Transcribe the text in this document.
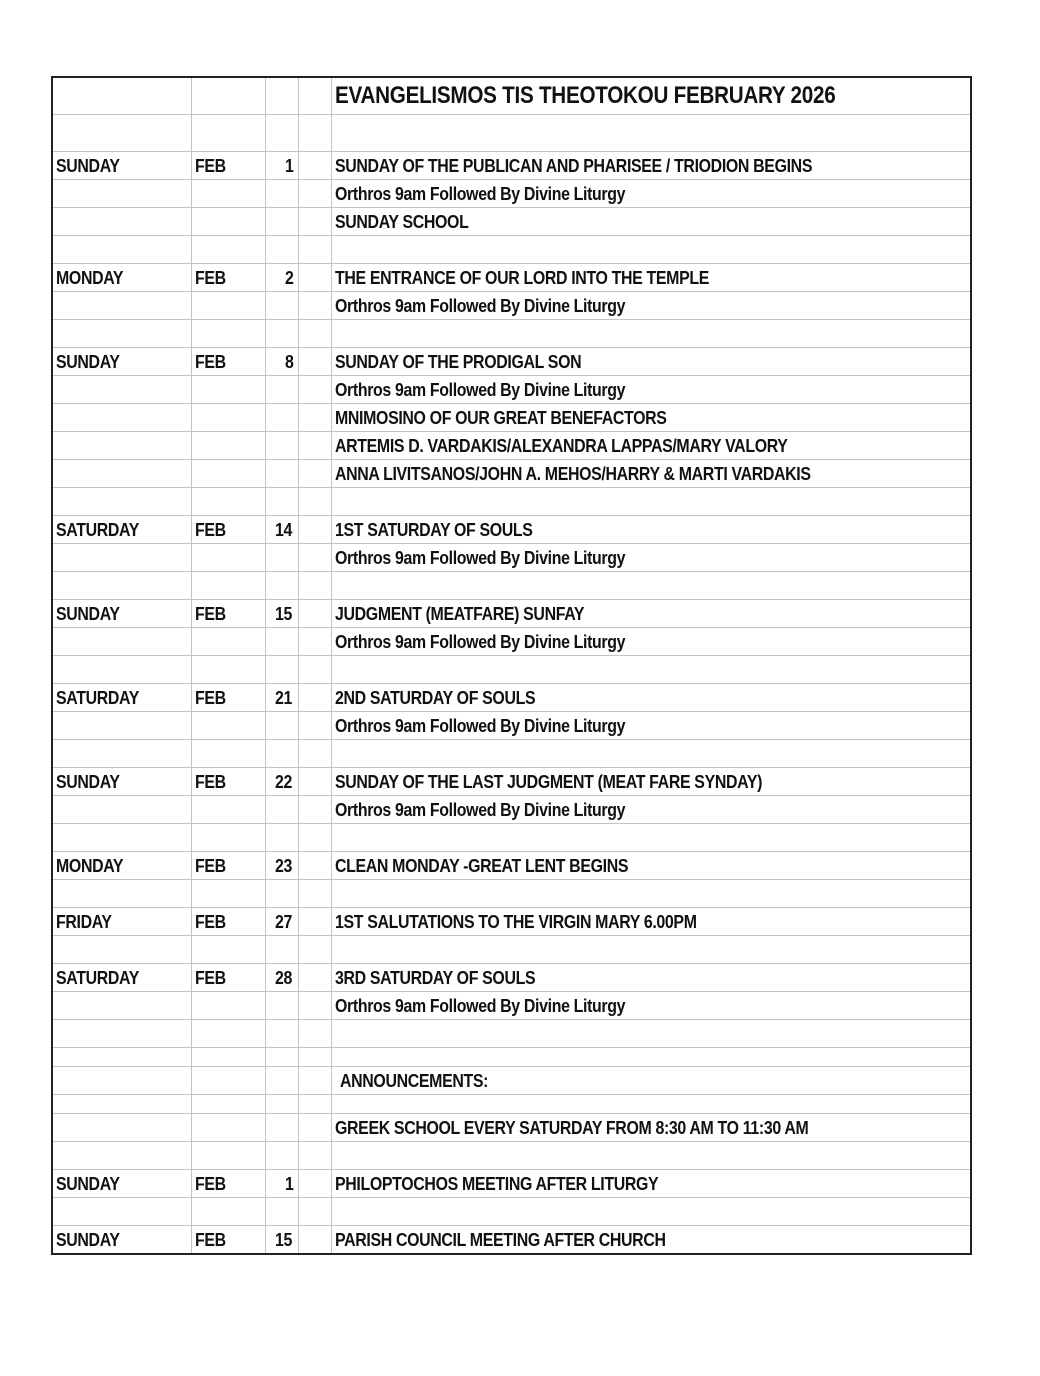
				EVANGELISMOS TIS THEOTOKOU FEBRUARY 2026

SUNDAY	FEB	1		SUNDAY OF THE PUBLICAN AND PHARISEE / TRIODION BEGINS
				Orthros 9am Followed By Divine Liturgy
				SUNDAY SCHOOL

MONDAY	FEB	2		THE ENTRANCE OF OUR LORD INTO THE TEMPLE
				Orthros 9am Followed By Divine Liturgy

SUNDAY	FEB	8		SUNDAY OF THE PRODIGAL SON
				Orthros 9am Followed By Divine Liturgy
				MNIMOSINO OF OUR GREAT BENEFACTORS
				ARTEMIS D. VARDAKIS/ALEXANDRA LAPPAS/MARY VALORY
				ANNA LIVITSANOS/JOHN A. MEHOS/HARRY & MARTI VARDAKIS

SATURDAY	FEB	14		1ST SATURDAY OF SOULS
				Orthros 9am Followed By Divine Liturgy

SUNDAY	FEB	15		JUDGMENT (MEATFARE) SUNFAY
				Orthros 9am Followed By Divine Liturgy

SATURDAY	FEB	21		2ND SATURDAY OF SOULS
				Orthros 9am Followed By Divine Liturgy

SUNDAY	FEB	22		SUNDAY OF THE LAST JUDGMENT (MEAT FARE SYNDAY)
				Orthros 9am Followed By Divine Liturgy

MONDAY	FEB	23		CLEAN MONDAY -GREAT LENT BEGINS

FRIDAY	FEB	27		1ST SALUTATIONS TO THE VIRGIN MARY 6.00PM

SATURDAY	FEB	28		3RD SATURDAY OF SOULS
				Orthros 9am Followed By Divine Liturgy

				ANNOUNCEMENTS:

				GREEK SCHOOL EVERY SATURDAY FROM 8:30 AM TO 11:30 AM

SUNDAY	FEB	1		PHILOPTOCHOS MEETING AFTER LITURGY

SUNDAY	FEB	15		PARISH COUNCIL MEETING AFTER CHURCH
